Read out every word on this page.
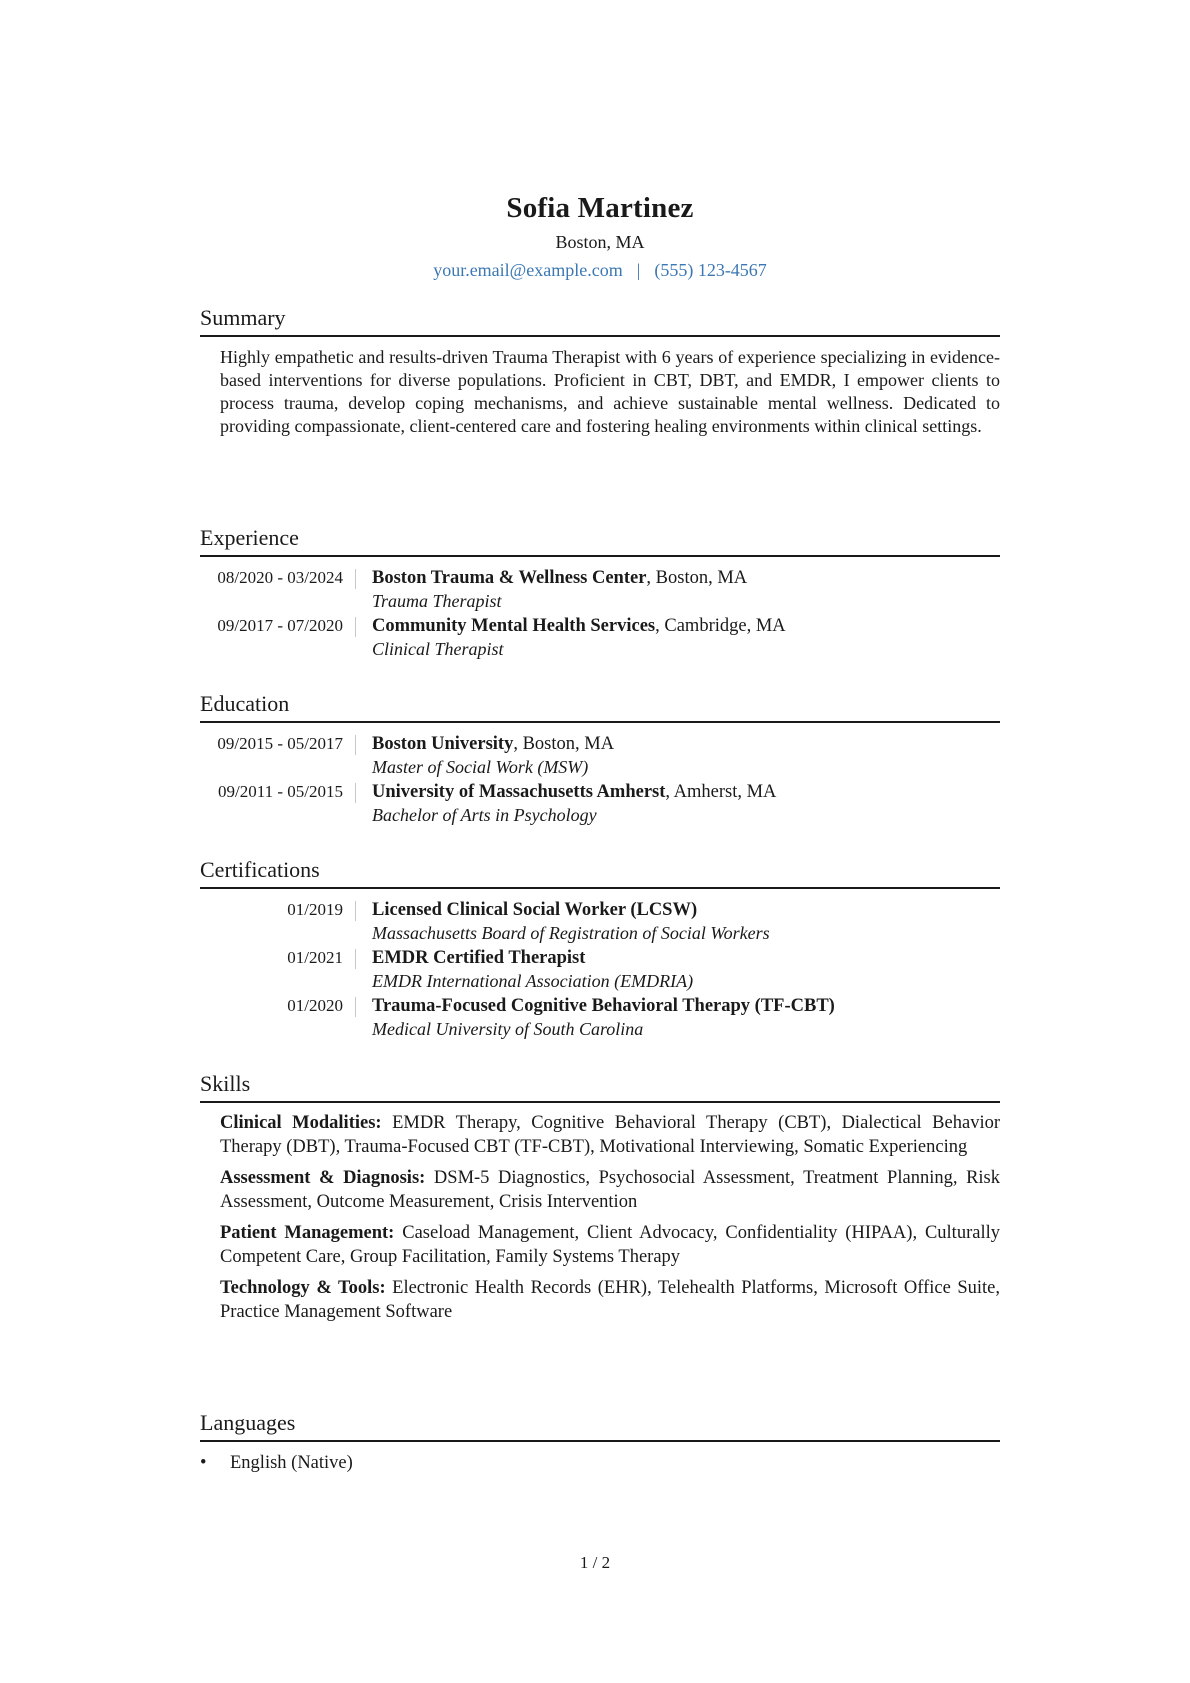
Sofia Martinez
Boston, MA
your.email@example.com | (555) 123-4567
Summary
Highly empathetic and results-driven Trauma Therapist with 6 years of experience specializing in evidence-based interventions for diverse populations. Proficient in CBT, DBT, and EMDR, I empower clients to process trauma, develop coping mechanisms, and achieve sustainable mental wellness. Dedicated to providing compassionate, client-centered care and fostering healing environments within clinical settings.
Experience
08/2020 - 03/2024	Boston Trauma & Wellness Center, Boston, MA
Trauma Therapist
09/2017 - 07/2020	Community Mental Health Services, Cambridge, MA
Clinical Therapist
Education
09/2015 - 05/2017	Boston University, Boston, MA
Master of Social Work (MSW)
09/2011 - 05/2015	University of Massachusetts Amherst, Amherst, MA
Bachelor of Arts in Psychology
Certifications
01/2019	Licensed Clinical Social Worker (LCSW)
Massachusetts Board of Registration of Social Workers
01/2021	EMDR Certified Therapist
EMDR International Association (EMDRIA)
01/2020	Trauma-Focused Cognitive Behavioral Therapy (TF-CBT)
Medical University of South Carolina
Skills
Clinical Modalities: EMDR Therapy, Cognitive Behavioral Therapy (CBT), Dialectical Behavior Therapy (DBT), Trauma-Focused CBT (TF-CBT), Motivational Interviewing, Somatic Experiencing
Assessment & Diagnosis: DSM-5 Diagnostics, Psychosocial Assessment, Treatment Planning, Risk Assessment, Outcome Measurement, Crisis Intervention
Patient Management: Caseload Management, Client Advocacy, Confidentiality (HIPAA), Culturally Competent Care, Group Facilitation, Family Systems Therapy
Technology & Tools: Electronic Health Records (EHR), Telehealth Platforms, Microsoft Office Suite, Practice Management Software
Languages
•	English (Native)
1 / 2
